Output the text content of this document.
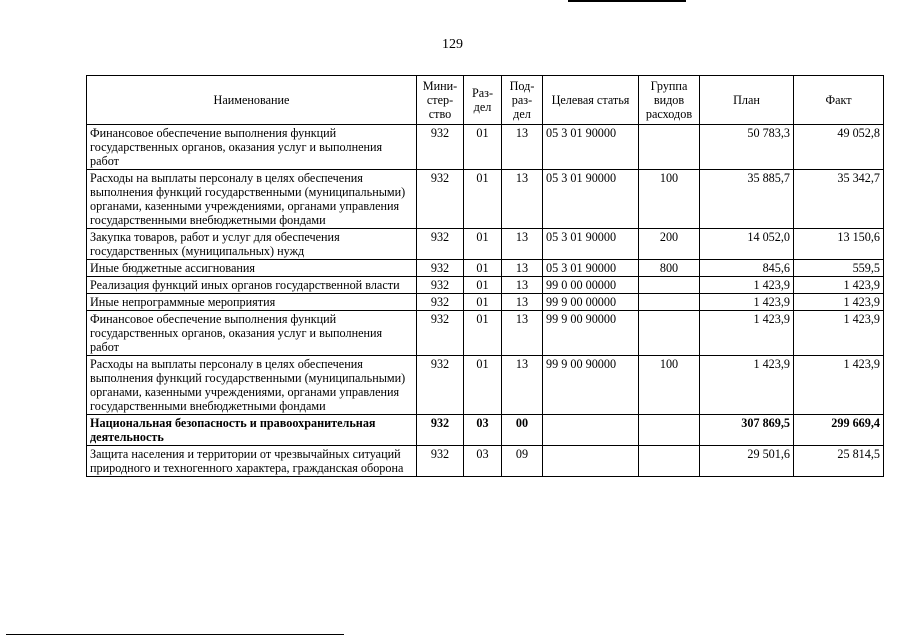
129
Наименование	Мини-стер-ство	Раз-дел	Под-раз-дел	Целевая статья	Группа видов расходов	План	Факт
Финансовое обеспечение выполнения функций государственных органов, оказания услуг и выполнения работ	932	01	13	05 3 01 90000		50 783,3	49 052,8
Расходы на выплаты персоналу в целях обеспечения выполнения функций государственными (муниципальными) органами, казенными учреждениями, органами управления государственными внебюджетными фондами	932	01	13	05 3 01 90000	100	35 885,7	35 342,7
Закупка товаров, работ и услуг для обеспечения государственных (муниципальных) нужд	932	01	13	05 3 01 90000	200	14 052,0	13 150,6
Иные бюджетные ассигнования	932	01	13	05 3 01 90000	800	845,6	559,5
Реализация функций иных органов государственной власти	932	01	13	99 0 00 00000		1 423,9	1 423,9
Иные непрограммные мероприятия	932	01	13	99 9 00 00000		1 423,9	1 423,9
Финансовое обеспечение выполнения функций государственных органов, оказания услуг и выполнения работ	932	01	13	99 9 00 90000		1 423,9	1 423,9
Расходы на выплаты персоналу в целях обеспечения выполнения функций государственными (муниципальными) органами, казенными учреждениями, органами управления государственными внебюджетными фондами	932	01	13	99 9 00 90000	100	1 423,9	1 423,9
Национальная безопасность и правоохранительная деятельность	932	03	00			307 869,5	299 669,4
Защита населения и территории от чрезвычайных ситуаций природного и техногенного характера, гражданская оборона	932	03	09			29 501,6	25 814,5
